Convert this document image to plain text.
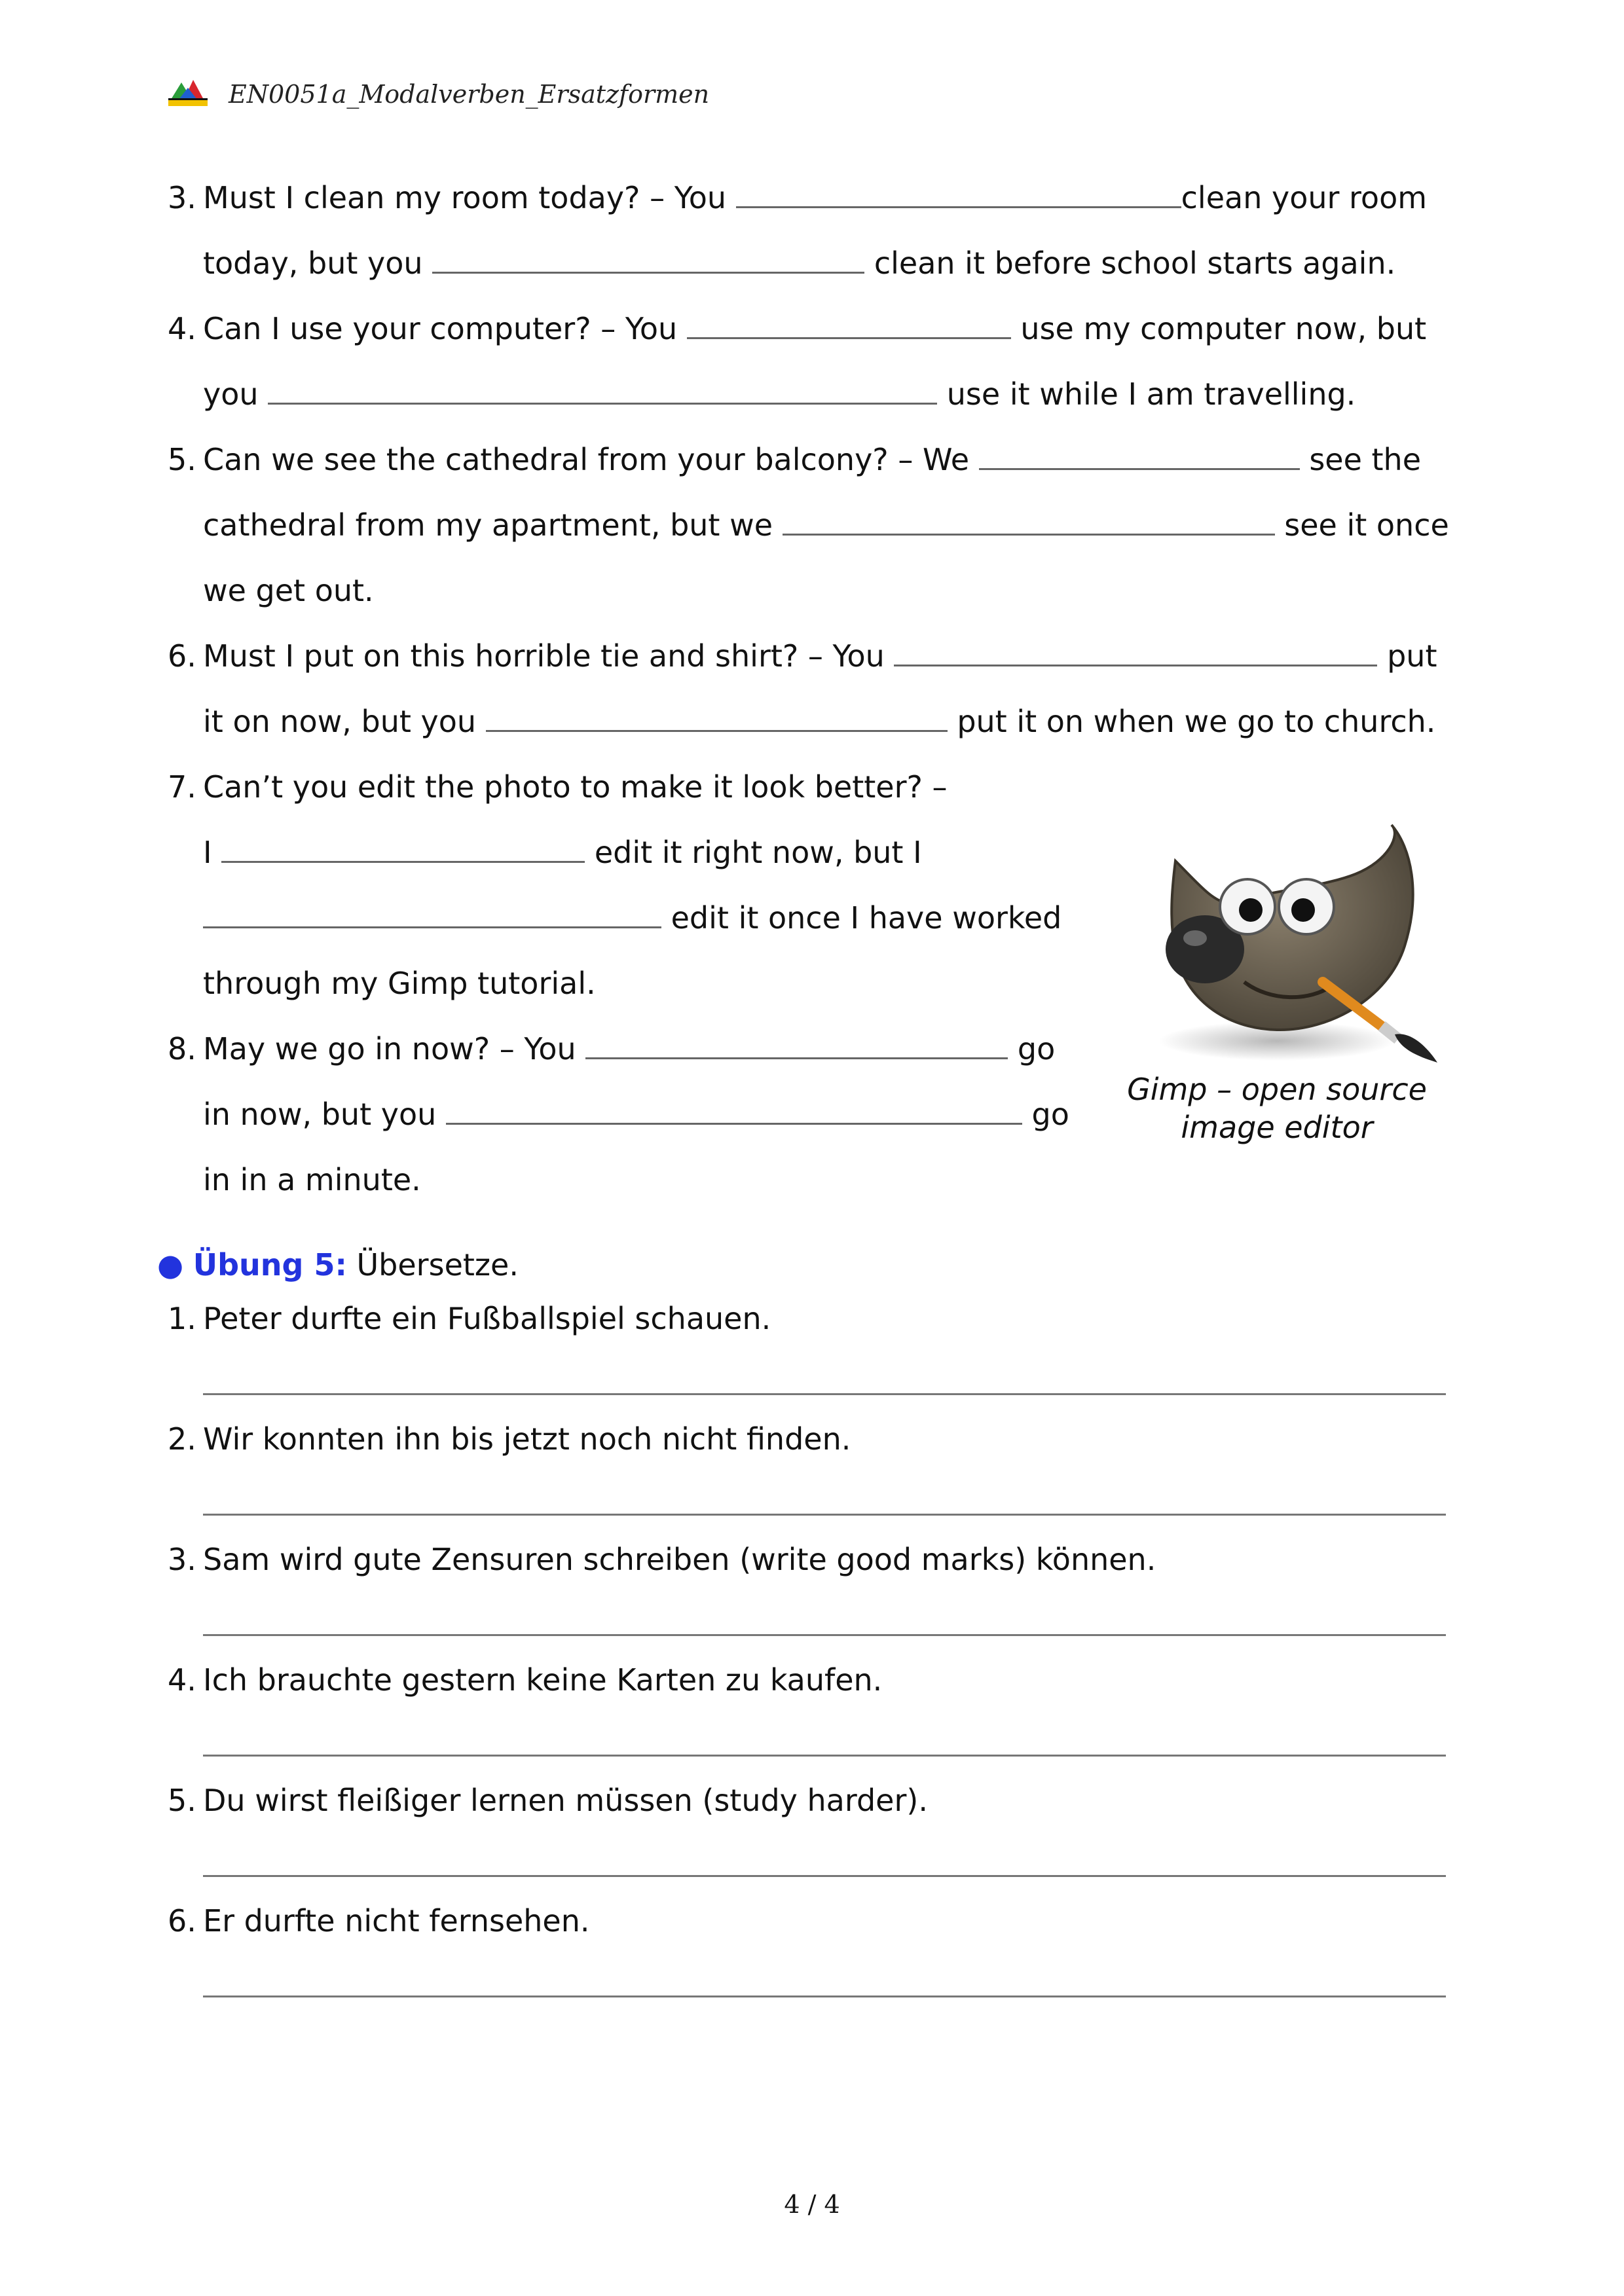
EN0051a_Modalverben_Ersatzformen
3. Must I clean my room today? – You	clean your room
today, but you	clean it before school starts again.
4. Can I use your computer? – You	use my computer now, but
you	use it while I am travelling.
5. Can we see the cathedral from your balcony? – We	see the
cathedral from my apartment, but we	see it once
we get out.
6. Must I put on this horrible tie and shirt? – You	put
it on now, but you	put it on when we go to church.
7. Can’t you edit the photo to make it look better? –
I	edit it right now, but I
edit it once I have worked
through my Gimp tutorial.
8. May we go in now? – You	go
in now, but you	go
in in a minute.
Gimp – open source
image editor
● Übung 5: Übersetze.
1. Peter durfte ein Fußballspiel schauen.
2. Wir konnten ihn bis jetzt noch nicht finden.
3. Sam wird gute Zensuren schreiben (write good marks) können.
4. Ich brauchte gestern keine Karten zu kaufen.
5. Du wirst fleißiger lernen müssen (study harder).
6. Er durfte nicht fernsehen.
4 / 4
